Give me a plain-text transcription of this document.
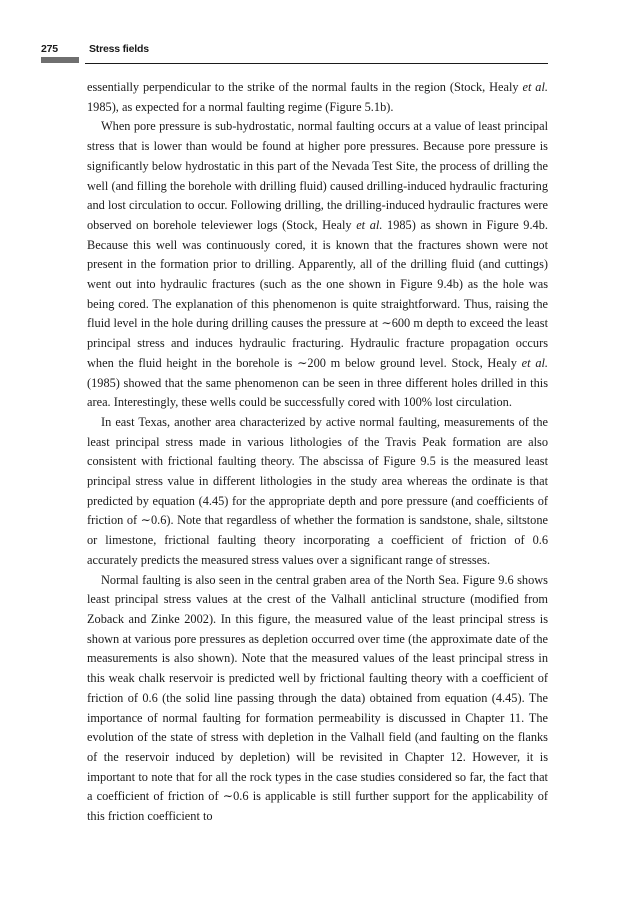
275	Stress fields

essentially perpendicular to the strike of the normal faults in the region (Stock, Healy et al. 1985), as expected for a normal faulting regime (Figure 5.1b).

When pore pressure is sub-hydrostatic, normal faulting occurs at a value of least principal stress that is lower than would be found at higher pore pressures. Because pore pressure is significantly below hydrostatic in this part of the Nevada Test Site, the process of drilling the well (and filling the borehole with drilling fluid) caused drilling-induced hydraulic fracturing and lost circulation to occur. Following drilling, the drilling-induced hydraulic fractures were observed on borehole televiewer logs (Stock, Healy et al. 1985) as shown in Figure 9.4b. Because this well was continuously cored, it is known that the fractures shown were not present in the formation prior to drilling. Apparently, all of the drilling fluid (and cuttings) went out into hydraulic fractures (such as the one shown in Figure 9.4b) as the hole was being cored. The explanation of this phenomenon is quite straightforward. Thus, raising the fluid level in the hole during drilling causes the pressure at ∼600 m depth to exceed the least principal stress and induces hydraulic fracturing. Hydraulic fracture propagation occurs when the fluid height in the borehole is ∼200 m below ground level. Stock, Healy et al. (1985) showed that the same phenomenon can be seen in three different holes drilled in this area. Interestingly, these wells could be successfully cored with 100% lost circulation.

In east Texas, another area characterized by active normal faulting, measurements of the least principal stress made in various lithologies of the Travis Peak formation are also consistent with frictional faulting theory. The abscissa of Figure 9.5 is the measured least principal stress value in different lithologies in the study area whereas the ordinate is that predicted by equation (4.45) for the appropriate depth and pore pressure (and coefficients of friction of ∼0.6). Note that regardless of whether the formation is sandstone, shale, siltstone or limestone, frictional faulting theory incorporating a coefficient of friction of 0.6 accurately predicts the measured stress values over a significant range of stresses.

Normal faulting is also seen in the central graben area of the North Sea. Figure 9.6 shows least principal stress values at the crest of the Valhall anticlinal structure (modified from Zoback and Zinke 2002). In this figure, the measured value of the least principal stress is shown at various pore pressures as depletion occurred over time (the approximate date of the measurements is also shown). Note that the measured values of the least principal stress in this weak chalk reservoir is predicted well by frictional faulting theory with a coefficient of friction of 0.6 (the solid line passing through the data) obtained from equation (4.45). The importance of normal faulting for formation permeability is discussed in Chapter 11. The evolution of the state of stress with depletion in the Valhall field (and faulting on the flanks of the reservoir induced by depletion) will be revisited in Chapter 12. However, it is important to note that for all the rock types in the case studies considered so far, the fact that a coefficient of friction of ∼0.6 is applicable is still further support for the applicability of this friction coefficient to
